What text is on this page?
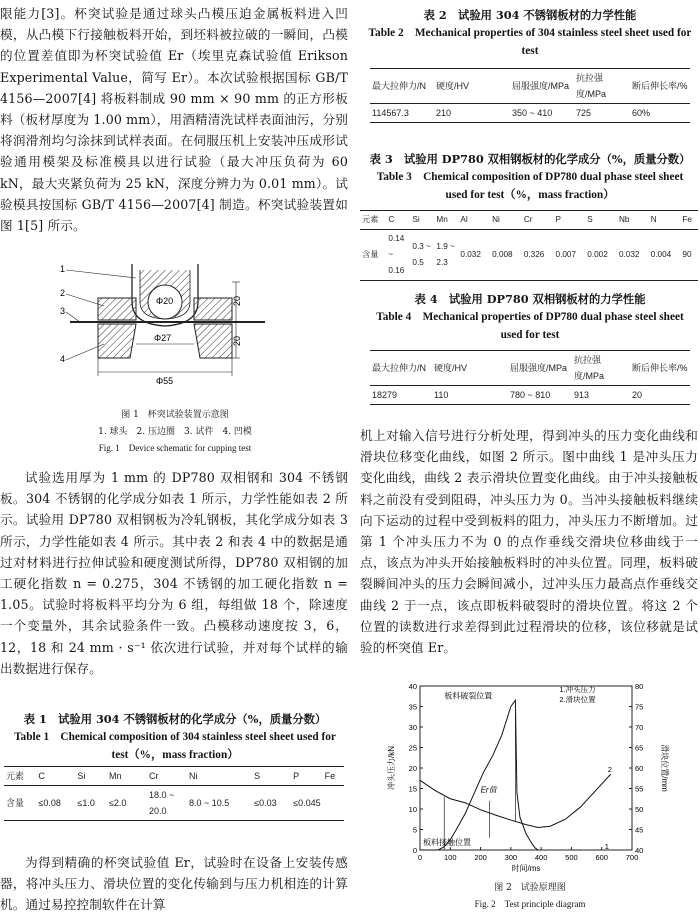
限能力[3]。杯突试验是通过球头凸模压迫金属板料进入凹模，从凸模下行接触板料开始，到坯料被拉破的一瞬间，凸模的位置差值即为杯突试验值 Er（埃里克森试验值 Erikson Experimental Value，简写 Er）。本次试验根据国标 GB/T 4156—2007[4] 将板料制成 90 mm × 90 mm 的正方形板料（板材厚度为 1.00 mm），用酒精清洗试样表面油污，分别将润滑剂均匀涂抹到试样表面。在伺服压机上安装冲压成形试验通用模架及标准模具以进行试验（最大冲压负荷为 60 kN，最大夹紧负荷为 25 kN，深度分辨力为 0.01 mm）。试验模具按国标 GB/T 4156—2007[4] 制造。杯突试验装置如图 1[5] 所示。
Φ20
Φ27
Φ55
20
20
1
2
3
4
图 1　杯突试验装置示意图
1. 球头　2. 压边圈　3. 试件　4. 凹模
Fig. 1　Device schematic for cupping test
试验选用厚为 1 mm 的 DP780 双相钢和 304 不锈钢板。304 不锈钢的化学成分如表 1 所示，力学性能如表 2 所示。试验用 DP780 双相钢板为冷轧钢板，其化学成分如表 3 所示，力学性能如表 4 所示。其中表 2 和表 4 中的数据是通过对材料进行拉伸试验和硬度测试所得，DP780 双相钢的加工硬化指数 n = 0.275，304 不锈钢的加工硬化指数 n = 1.05。试验时将板料平均分为 6 组，每组做 18 个，除速度一个变量外，其余试验条件一致。凸模移动速度按 3，6，12，18 和 24 mm · s⁻¹ 依次进行试验，并对每个试样的输出数据进行保存。
表 1　试验用 304 不锈钢板材的化学成分（%，质量分数）
Table 1　Chemical composition of 304 stainless steel sheet used for test（%，mass fraction）
元素	C	Si	Mn	Cr	Ni	S	P	Fe
含量	≤0.08	≤1.0	≤2.0	18.0 ~ 20.0	8.0 ~ 10.5	≤0.03	≤0.045	
为得到精确的杯突试验值 Er，试验时在设备上安装传感器，将冲头压力、滑块位置的变化传输到与压力机相连的计算机。通过易控控制软件在计算
表 2　试验用 304 不锈钢板材的力学性能
Table 2　Mechanical properties of 304 stainless steel sheet used for test
最大拉伸力/N	硬度/HV	屈服强度/MPa	抗拉强度/MPa	断后伸长率/%
114567.3	210	350 ~ 410	725	60%
表 3　试验用 DP780 双相钢板材的化学成分（%，质量分数）
Table 3　Chemical composition of DP780 dual phase steel sheet used for test（%，mass fraction）
元素	C	Si	Mn	Al	Ni	Cr	P	S	Nb	N	Fe
含量	0.14 ~ 0.16	0.3 ~ 0.5	1.9 ~ 2.3	0.032	0.008	0.326	0.007	0.002	0.032	0.004	90
表 4　试验用 DP780 双相钢板材的力学性能
Table 4　Mechanical properties of DP780 dual phase steel sheet used for test
最大拉伸力/N	硬度/HV	屈服强度/MPa	抗拉强度/MPa	断后伸长率/%
18279	110	780 ~ 810	913	20
机上对输入信号进行分析处理，得到冲头的压力变化曲线和滑块位移变化曲线，如图 2 所示。图中曲线 1 是冲头压力变化曲线，曲线 2 表示滑块位置变化曲线。由于冲头接触板料之前没有受到阻碍，冲头压力为 0。当冲头接触板料继续向下运动的过程中受到板料的阻力，冲头压力不断增加。过第 1 个冲头压力不为 0 的点作垂线交滑块位移曲线于一点，该点为冲头开始接触板料时的冲头位置。同理，板料破裂瞬间冲头的压力会瞬间减小，过冲头压力最高点作垂线交曲线 2 于一点，该点即板料破裂时的滑块位置。将这 2 个位置的读数进行求差得到此过程滑块的位移，该位移就是试验的杯突值 Er。
0	100 200 300 400 500 600 700
0
5
10
15
20
25
30
35
40
40
45
50
55
60
65
70
75
80
时间/ms
冲头压力/kN	滑块位置/mm
2
1
Er值
板料破裂位置
板料接触位置
1.冲头压力
2.滑块位置
图 2　试验原理图
Fig. 2　Test principle diagram
